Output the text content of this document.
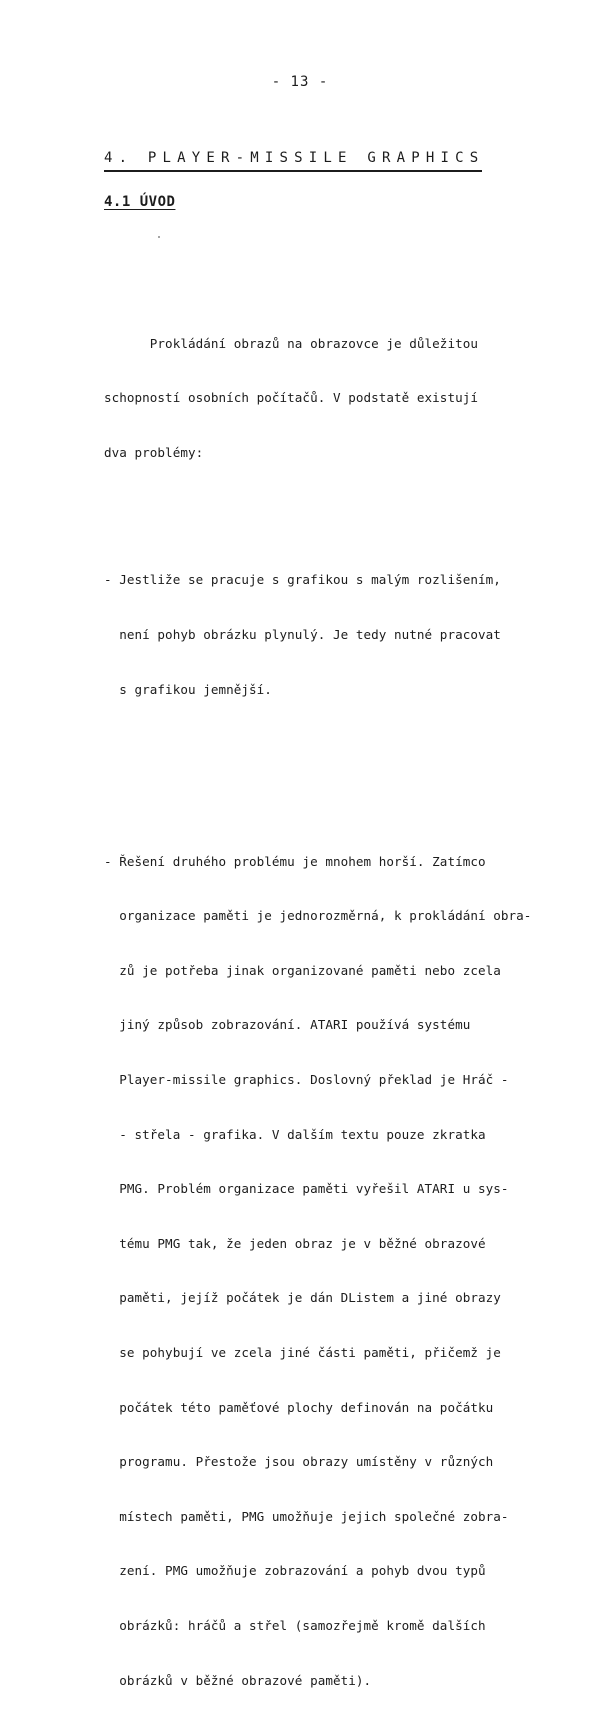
- 13 -
4. PLAYER-MISSILE GRAPHICS
4.1 ÚVOD

Prokládání obrazů na obrazovce je důležitou

schopností osobních počítačů. V podstatě existují

dva problémy:

- Jestliže se pracuje s grafikou s malým rozlišením,

není pohyb obrázku plynulý. Je tedy nutné pracovat

s grafikou jemnější.

- Řešení druhého problému je mnohem horší. Zatímco

organizace paměti je jednorozměrná, k prokládání obra-

zů je potřeba jinak organizované paměti nebo zcela

jiný způsob zobrazování. ATARI používá systému

Player-missile graphics. Doslovný překlad je Hráč -

- střela - grafika. V dalším textu pouze zkratka

PMG. Problém organizace paměti vyřešil ATARI u sys-

tému PMG tak, že jeden obraz je v běžné obrazové

paměti, jejíž počátek je dán DListem a jiné obrazy

se pohybují ve zcela jiné části paměti, přičemž je

počátek této paměťové plochy definován na počátku

programu. Přestože jsou obrazy umístěny v různých

místech paměti, PMG umožňuje jejich společné zobra-

zení. PMG umožňuje zobrazování a pohyb dvou typů

obrázků: hráčů a střel (samozřejmě kromě dalších

obrázků v běžné obrazové paměti).
